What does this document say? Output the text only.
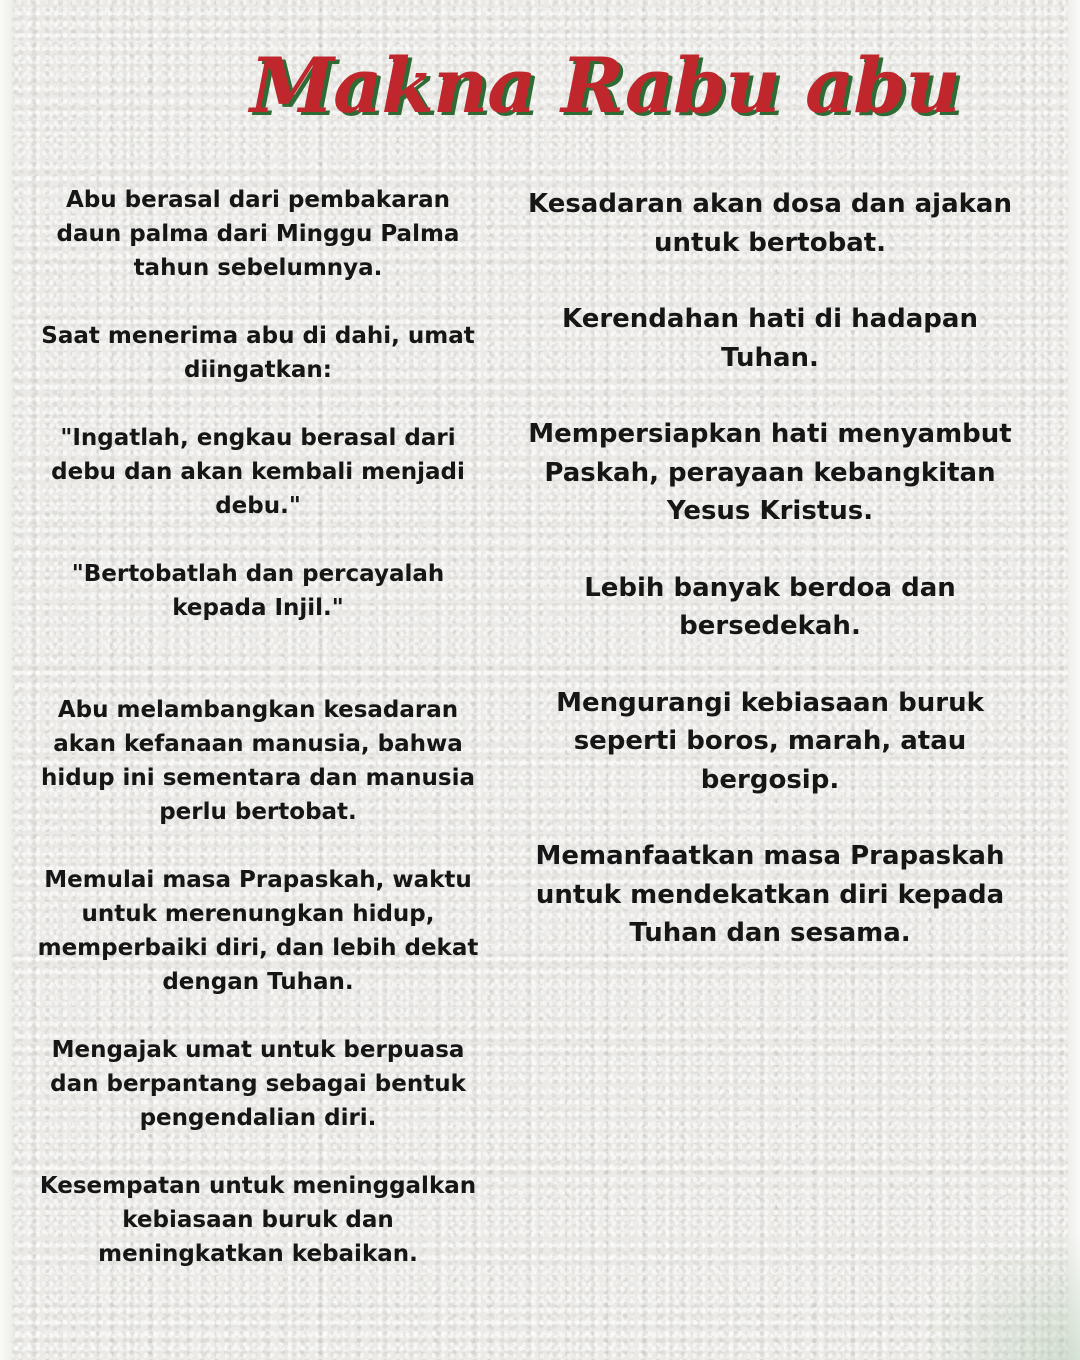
Makna Rabu abu

Abu berasal dari pembakaran
daun palma dari Minggu Palma
tahun sebelumnya.

Saat menerima abu di dahi, umat
diingatkan:

"Ingatlah, engkau berasal dari
debu dan akan kembali menjadi
debu."

"Bertobatlah dan percayalah
kepada Injil."

Abu melambangkan kesadaran
akan kefanaan manusia, bahwa
hidup ini sementara dan manusia
perlu bertobat.

Memulai masa Prapaskah, waktu
untuk merenungkan hidup,
memperbaiki diri, dan lebih dekat
dengan Tuhan.

Mengajak umat untuk berpuasa
dan berpantang sebagai bentuk
pengendalian diri.

Kesempatan untuk meninggalkan
kebiasaan buruk dan
meningkatkan kebaikan.

Kesadaran akan dosa dan ajakan
untuk bertobat.

Kerendahan hati di hadapan
Tuhan.

Mempersiapkan hati menyambut
Paskah, perayaan kebangkitan
Yesus Kristus.

Lebih banyak berdoa dan
bersedekah.

Mengurangi kebiasaan buruk
seperti boros, marah, atau
bergosip.

Memanfaatkan masa Prapaskah
untuk mendekatkan diri kepada
Tuhan dan sesama.
